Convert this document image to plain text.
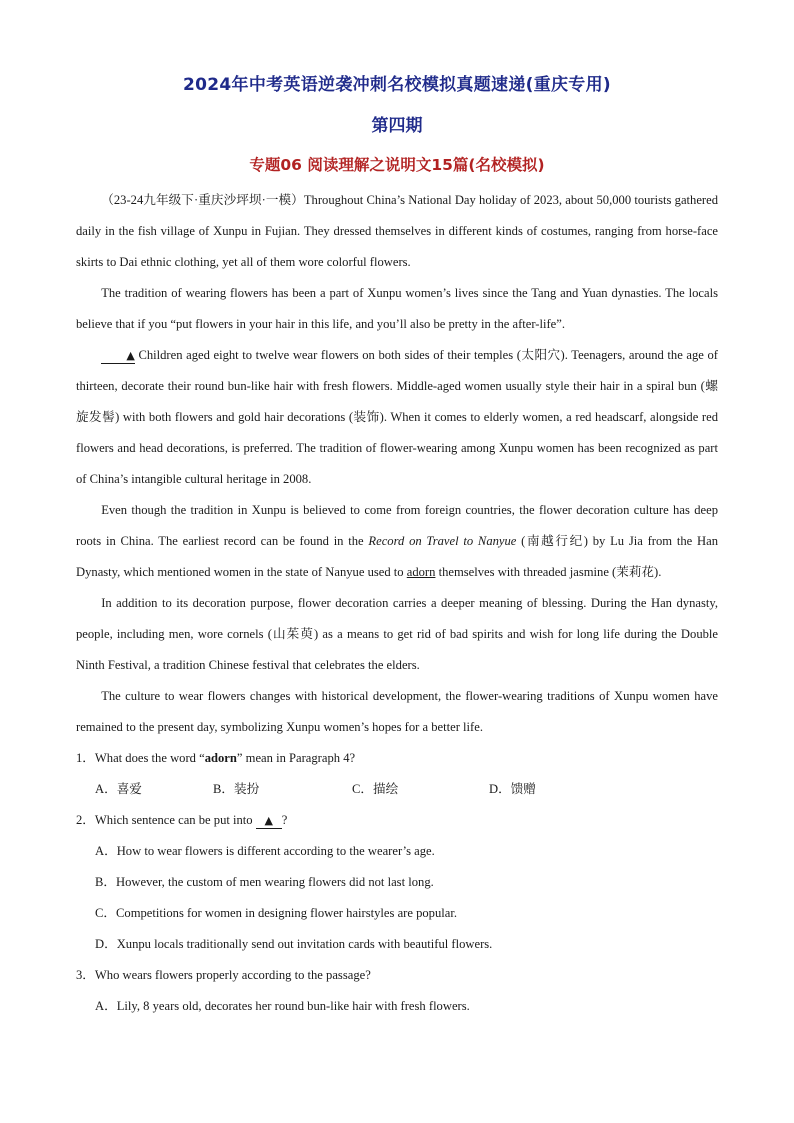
2024年中考英语逆袭冲刺名校模拟真题速递(重庆专用)
第四期
专题06 阅读理解之说明文15篇(名校模拟)

（23-24九年级下·重庆沙坪坝·一模）Throughout China’s National Day holiday of 2023, about 50,000 tourists gathered daily in the fish village of Xunpu in Fujian. They dressed themselves in different kinds of costumes, ranging from horse-face skirts to Dai ethnic clothing, yet all of them wore colorful flowers.

The tradition of wearing flowers has been a part of Xunpu women’s lives since the Tang and Yuan dynasties. The locals believe that if you “put flowers in your hair in this life, and you’ll also be pretty in the after-life”.

▲ Children aged eight to twelve wear flowers on both sides of their temples (太阳穴). Teenagers, around the age of thirteen, decorate their round bun-like hair with fresh flowers. Middle-aged women usually style their hair in a spiral bun (螺旋发髻) with both flowers and gold hair decorations (装饰). When it comes to elderly women, a red headscarf, alongside red flowers and head decorations, is preferred. The tradition of flower-wearing among Xunpu women has been recognized as part of China’s intangible cultural heritage in 2008.

Even though the tradition in Xunpu is believed to come from foreign countries, the flower decoration culture has deep roots in China. The earliest record can be found in the Record on Travel to Nanyue (南越行纪) by Lu Jia from the Han Dynasty, which mentioned women in the state of Nanyue used to adorn themselves with threaded jasmine (茉莉花).

In addition to its decoration purpose, flower decoration carries a deeper meaning of blessing. During the Han dynasty, people, including men, wore cornels (山茱萸) as a means to get rid of bad spirits and wish for long life during the Double Ninth Festival, a tradition Chinese festival that celebrates the elders.

The culture to wear flowers changes with historical development, the flower-wearing traditions of Xunpu women have remained to the present day, symbolizing Xunpu women’s hopes for a better life.

1．What does the word “adorn” mean in Paragraph 4?

A．喜爱	B．装扮	C．描绘	D．馈赠

2．Which sentence can be put into ▲ ?

A．How to wear flowers is different according to the wearer’s age.

B．However, the custom of men wearing flowers did not last long.

C．Competitions for women in designing flower hairstyles are popular.

D．Xunpu locals traditionally send out invitation cards with beautiful flowers.

3．Who wears flowers properly according to the passage?

A．Lily, 8 years old, decorates her round bun-like hair with fresh flowers.
